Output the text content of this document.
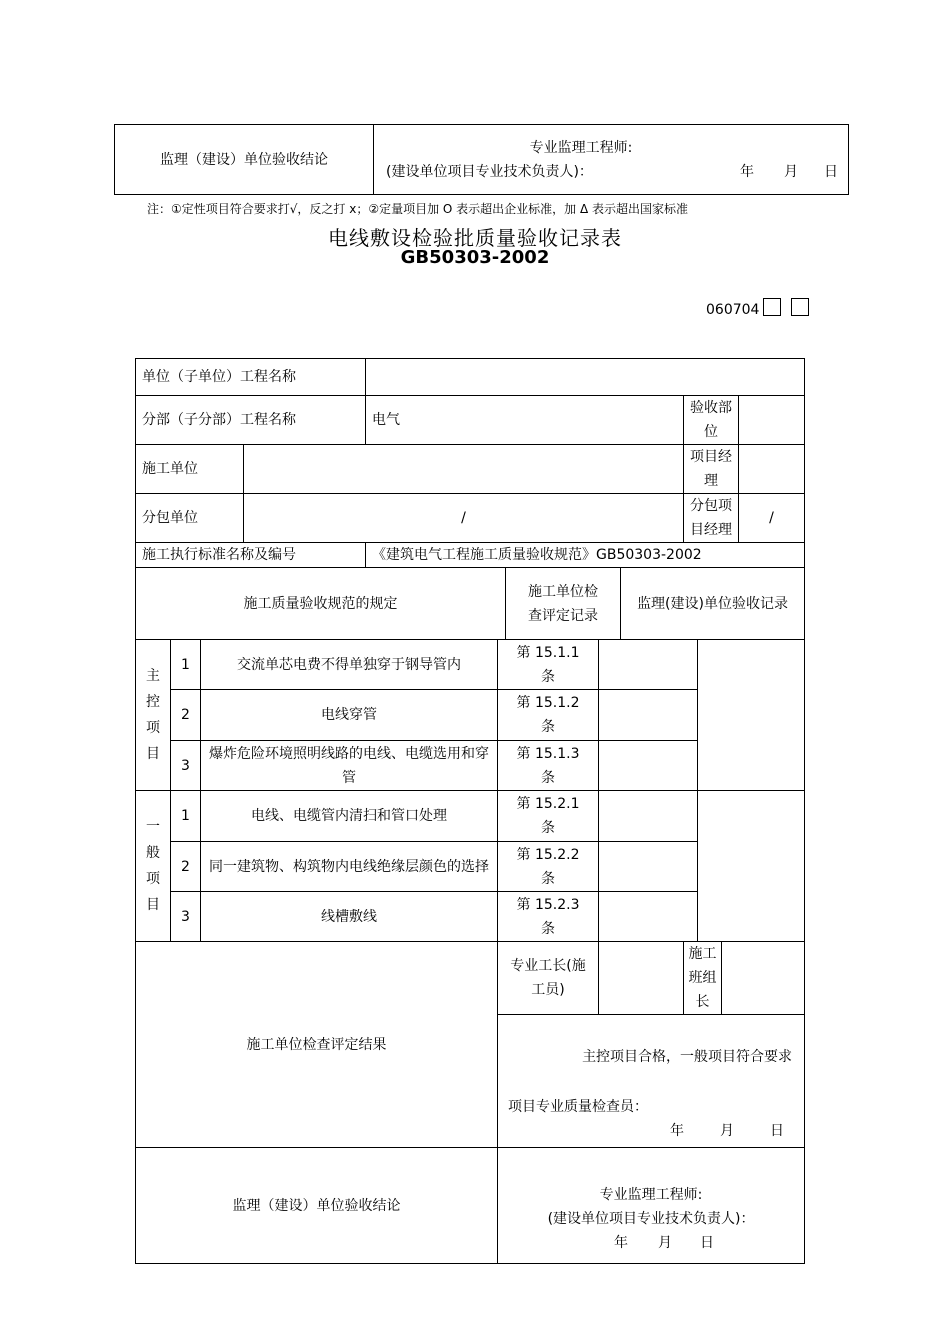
监理（建设）单位验收结论	
专业监理工程师:
(建设单位项目专业技术负责人)：	年 月 日
注：①定性项目符合要求打√，反之打 x；②定量项目加 O 表示超出企业标准，加 Δ 表示超出国家标准
电线敷设检验批质量验收记录表
GB50303-2002
060704
单位（子单位）工程名称												
分部（子分部）工程名称				电气					验收部位			
施工单位									项目经理			
分包单位			/						分包项目经理			/
施工执行标准名称及编号				《建筑电气工程施工质量验收规范》GB50303-2002								
施工质量验收规范的规定						施工单位检查评定记录		监理(建设)单位验收记录				
主控项目	1	交流单芯电费不得单独穿于钢导管内			第 15.1.1 条							
	2	电线穿管			第 15.1.2 条							
	3	爆炸危险环境照明线路的电线、电缆选用和穿管			第 15.1.3 条							
一般项目	1	电线、电缆管内清扫和管口处理			第 15.2.1 条							
	2	同一建筑物、构筑物内电线绝缘层颜色的选择			第 15.2.2 条							
	3	线槽敷线			第 15.2.3 条							
施工单位检查评定结果					专业工长(施工员)				施工班组长			

					主控项目合格，一般项目符合要求
项目专业质量检查员：
年 月 日							

监理（建设）单位验收结论					专业监理工程师:
(建设单位项目专业技术负责人)：
年 月 日							
